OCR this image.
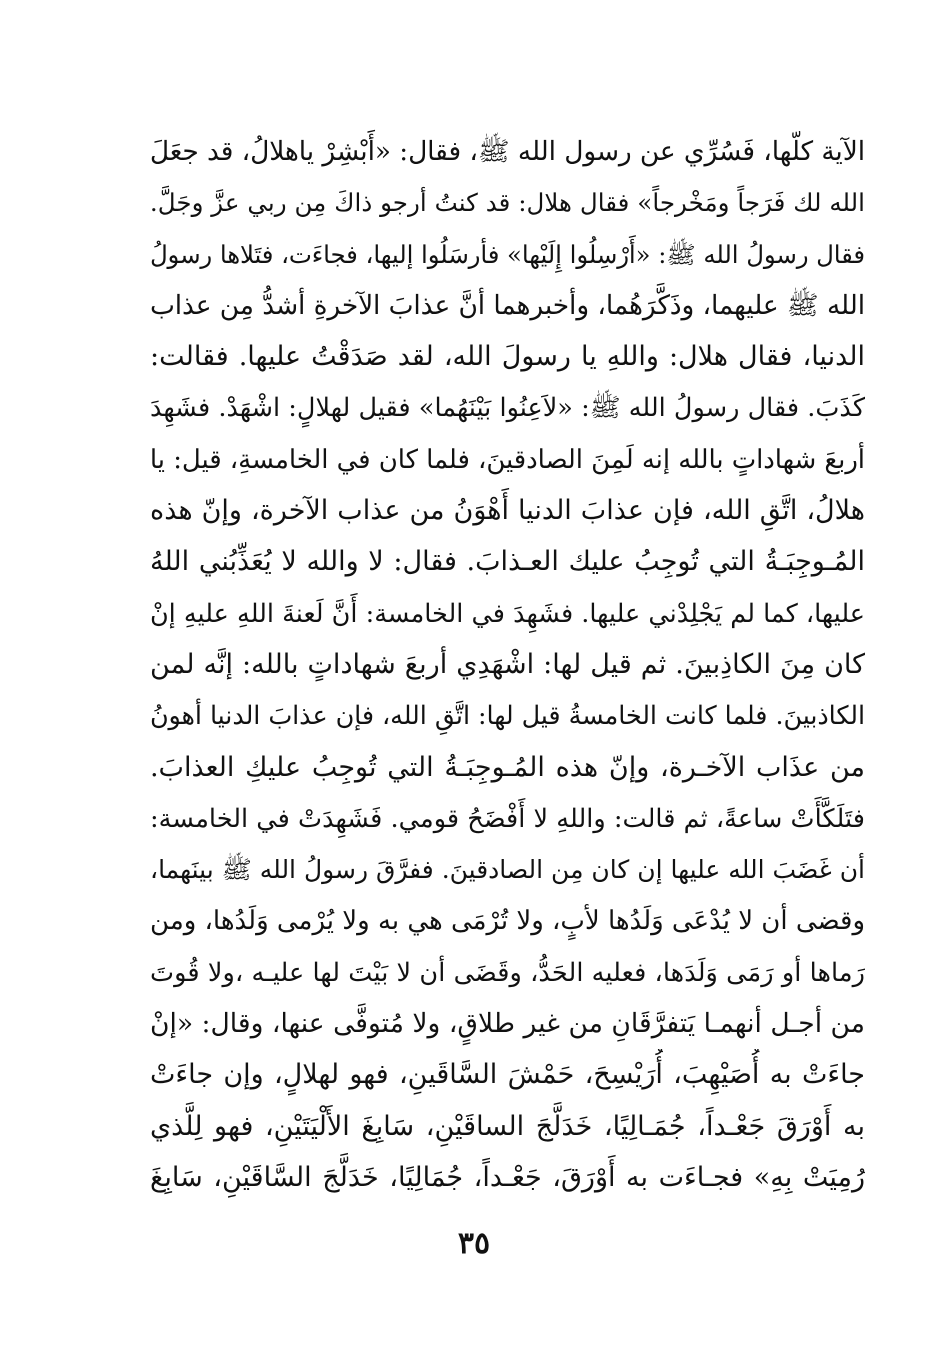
الآية كلّها، فَسُرِّي عن رسول الله ﷺ، فقال: «أَبْشِرْ ياهلالُ، قد جعَلَ
الله لك فَرَجاً ومَخْرجاً» فقال هلال: قد كنتُ أرجو ذاكَ مِن ربي عزَّ وجَلَّ.
فقال رسولُ الله ﷺ: «أَرْسِلُوا إِلَيْها» فأرسَلُوا إليها، فجاءَت، فتَلاها رسولُ
الله ﷺ عليهما، وذَكَّرَهُما، وأخبرهما أنَّ عذابَ الآخرةِ أشدُّ مِن عذاب
الدنيا، فقال هلال: واللهِ يا رسولَ الله، لقد صَدَقْتُ عليها. فقالت:
كَذَبَ. فقال رسولُ الله ﷺ: «لاَعِنُوا بَيْنَهُما» فقيل لهلالٍ: اشْهَدْ. فشَهِدَ
أربعَ شهاداتٍ بالله إنه لَمِنَ الصادقينَ، فلما كان في الخامسةِ، قيل: يا
هلالُ، اتَّقِ الله، فإن عذابَ الدنيا أَهْوَنُ من عذاب الآخرة، وإنّ هذه
المُـوجِبَـةُ التي تُوجِبُ عليك العـذابَ. فقال: لا والله لا يُعَذِّبُني اللهُ
عليها، كما لم يَجْلِدْني عليها. فشَهِدَ في الخامسة: أَنَّ لَعنةَ اللهِ عليهِ إنْ
كان مِنَ الكاذِبينَ. ثم قيل لها: اشْهَدِي أربعَ شهاداتٍ بالله: إنَّه لمن
الكاذبينَ. فلما كانت الخامسةُ قيل لها: اتَّقِ الله، فإن عذابَ الدنيا أهونُ
من عذَاب الآخـرة، وإنّ هذه المُـوجِبَـةُ التي تُوجِبُ عليكِ العذابَ.
فتَلَكَّأَتْ ساعةً، ثم قالت: واللهِ لا أَفْضَحُ قومي. فَشَهِدَتْ في الخامسة:
أن غَضَبَ الله عليها إن كان مِن الصادقينَ. ففرَّقَ رسولُ الله ﷺ بينَهما،
وقضى أن لا يُدْعَى وَلَدُها لأبٍ، ولا تُرْمَى هي به ولا يُرْمى وَلَدُها، ومن
رَماها أو رَمَى وَلَدَها، فعليه الحَدُّ، وقَضَى أن لا بَيْتَ لها عليـه ،ولا قُوتَ
من أجـل أنهمـا يَتفرَّقَانِ من غير طلاقٍ، ولا مُتوفَّى عنها، وقال: «إنْ
جاءَتْ به أُصَيْهِبَ، أُرَيْسِحَ، حَمْشَ السَّاقَينِ، فهو لهلالٍ، وإن جاءَتْ
به أَوْرَقَ جَعْـداً، جُمَـالِيًا، خَدَلَّجَ الساقَيْنِ، سَابِغَ الأَلْيَتَيْنِ، فهو لِلَّذي
رُمِيَتْ بِهِ» فجـاءَت به أَوْرَقَ، جَعْـداً، جُمَالِيًا، خَدَلَّجَ السَّاقَيْنِ، سَابِغَ
٣٥
